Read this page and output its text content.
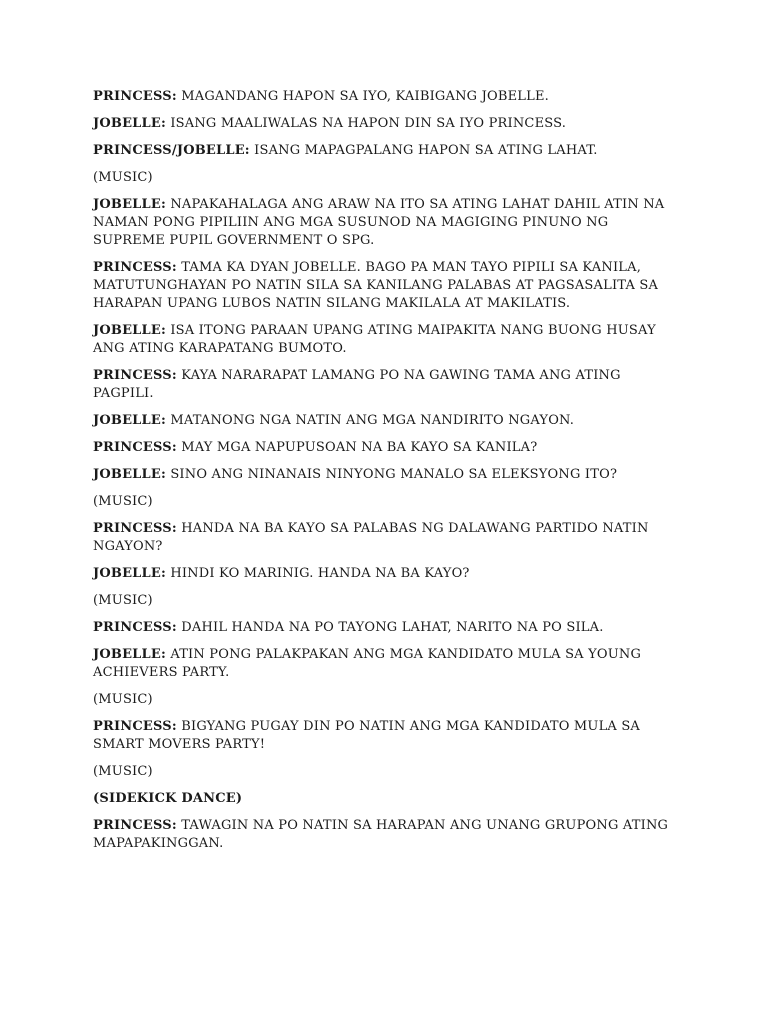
PRINCESS: MAGANDANG HAPON SA IYO, KAIBIGANG JOBELLE.

JOBELLE: ISANG MAALIWALAS NA HAPON DIN SA IYO PRINCESS.

PRINCESS/JOBELLE: ISANG MAPAGPALANG HAPON SA ATING LAHAT.

(MUSIC)

JOBELLE: NAPAKAHALAGA ANG ARAW NA ITO SA ATING LAHAT DAHIL ATIN NA NAMAN PONG PIPILIIN ANG MGA SUSUNOD NA MAGIGING PINUNO NG SUPREME PUPIL GOVERNMENT O SPG.

PRINCESS: TAMA KA DYAN JOBELLE. BAGO PA MAN TAYO PIPILI SA KANILA, MATUTUNGHAYAN PO NATIN SILA SA KANILANG PALABAS AT PAGSASALITA SA HARAPAN UPANG LUBOS NATIN SILANG MAKILALA AT MAKILATIS.

JOBELLE: ISA ITONG PARAAN UPANG ATING MAIPAKITA NANG BUONG HUSAY ANG ATING KARAPATANG BUMOTO.

PRINCESS: KAYA NARARAPAT LAMANG PO NA GAWING TAMA ANG ATING PAGPILI.

JOBELLE: MATANONG NGA NATIN ANG MGA NANDIRITO NGAYON.

PRINCESS: MAY MGA NAPUPUSOAN NA BA KAYO SA KANILA?

JOBELLE: SINO ANG NINANAIS NINYONG MANALO SA ELEKSYONG ITO?

(MUSIC)

PRINCESS: HANDA NA BA KAYO SA PALABAS NG DALAWANG PARTIDO NATIN NGAYON?

JOBELLE: HINDI KO MARINIG. HANDA NA BA KAYO?

(MUSIC)

PRINCESS: DAHIL HANDA NA PO TAYONG LAHAT, NARITO NA PO SILA.

JOBELLE: ATIN PONG PALAKPAKAN ANG MGA KANDIDATO MULA SA YOUNG ACHIEVERS PARTY.

(MUSIC)

PRINCESS: BIGYANG PUGAY DIN PO NATIN ANG MGA KANDIDATO MULA SA SMART MOVERS PARTY!

(MUSIC)

(SIDEKICK DANCE)

PRINCESS: TAWAGIN NA PO NATIN SA HARAPAN ANG UNANG GRUPONG ATING MAPAPAKINGGAN.
